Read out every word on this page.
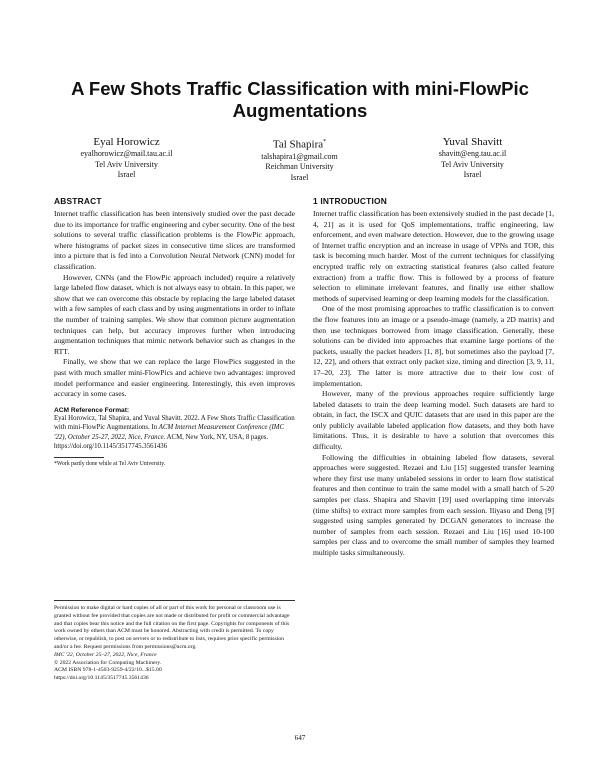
A Few Shots Traffic Classification with mini-FlowPic
Augmentations
Eyal Horowicz
eyalhorowicz@mail.tau.ac.il
Tel Aviv University
Israel
Tal Shapira*
talshapira1@gmail.com
Reichman University
Israel
Yuval Shavitt
shavitt@eng.tau.ac.il
Tel Aviv University
Israel
ABSTRACT

Internet traffic classification has been intensively studied over the past decade due to its importance for traffic engineering and cyber security. One of the best solutions to several traffic classification problems is the FlowPic approach, where histograms of packet sizes in consecutive time slices are transformed into a picture that is fed into a Convolution Neural Network (CNN) model for classification.

However, CNNs (and the FlowPic approach included) require a relatively large labeled flow dataset, which is not always easy to obtain. In this paper, we show that we can overcome this obstacle by replacing the large labeled dataset with a few samples of each class and by using augmentations in order to inflate the number of training samples. We show that common picture augmentation techniques can help, but accuracy improves further when introducing augmentation techniques that mimic network behavior such as changes in the RTT.

Finally, we show that we can replace the large FlowPics suggested in the past with much smaller mini-FlowPics and achieve two advantages: improved model performance and easier engineering. Interestingly, this even improves accuracy in some cases.

ACM Reference Format:
Eyal Horowicz, Tal Shapira, and Yuval Shavitt. 2022. A Few Shots Traffic Classification with mini-FlowPic Augmentations. In ACM Internet Measurement Conference (IMC '22), October 25-27, 2022, Nice, France. ACM, New York, NY, USA, 8 pages. https://doi.org/10.1145/3517745.3561436
*Work partly done while at Tel Aviv University.
Permission to make digital or hard copies of all or part of this work for personal or classroom use is granted without fee provided that copies are not made or distributed for profit or commercial advantage and that copies bear this notice and the full citation on the first page. Copyrights for components of this work owned by others than ACM must be honored. Abstracting with credit is permitted. To copy otherwise, or republish, to post on servers or to redistribute to lists, requires prior specific permission and/or a fee. Request permissions from permissions@acm.org.
IMC '22, October 25–27, 2022, Nice, France
© 2022 Association for Computing Machinery.
ACM ISBN 978-1-4503-9259-4/22/10...$15.00
https://doi.org/10.1145/3517745.3561436
1 INTRODUCTION

Internet traffic classification has been extensively studied in the past decade [1, 4, 21] as it is used for QoS implementations, traffic engineering, law enforcement, and even malware detection. However, due to the growing usage of Internet traffic encryption and an increase in usage of VPNs and TOR, this task is becoming much harder. Most of the current techniques for classifying encrypted traffic rely on extracting statistical features (also called feature extraction) from a traffic flow. This is followed by a process of feature selection to eliminate irrelevant features, and finally use either shallow methods of supervised learning or deep learning models for the classification.

One of the most promising approaches to traffic classification is to convert the flow features into an image or a pseudo-image (namely, a 2D matrix) and then use techniques borrowed from image classification. Generally, these solutions can be divided into approaches that examine large portions of the packets, usually the packet headers [1, 8], but sometimes also the payload [7, 12, 22], and others that extract only packet size, timing and direction [3, 9, 11, 17–20, 23]. The latter is more attractive due to their low cost of implementation.

However, many of the previous approaches require sufficiently large labeled datasets to train the deep learning model. Such datasets are hard to obtain, in fact, the ISCX and QUIC datasets that are used in this paper are the only publicly available labeled application flow datasets, and they both have limitations. Thus, it is desirable to have a solution that overcomes this difficulty.

Following the difficulties in obtaining labeled flow datasets, several approaches were suggested. Rezaei and Liu [15] suggested transfer learning where they first use many unlabeled sessions in order to learn flow statistical features and then continue to train the same model with a small batch of 5-20 samples per class. Shapira and Shavitt [19] used overlapping time intervals (time shifts) to extract more samples from each session. Iliyasu and Deng [9] suggested using samples generated by DCGAN generators to increase the number of samples from each session. Rezaei and Liu [16] used 10-100 samples per class and to overcome the small number of samples they learned multiple tasks simultaneously.

647
